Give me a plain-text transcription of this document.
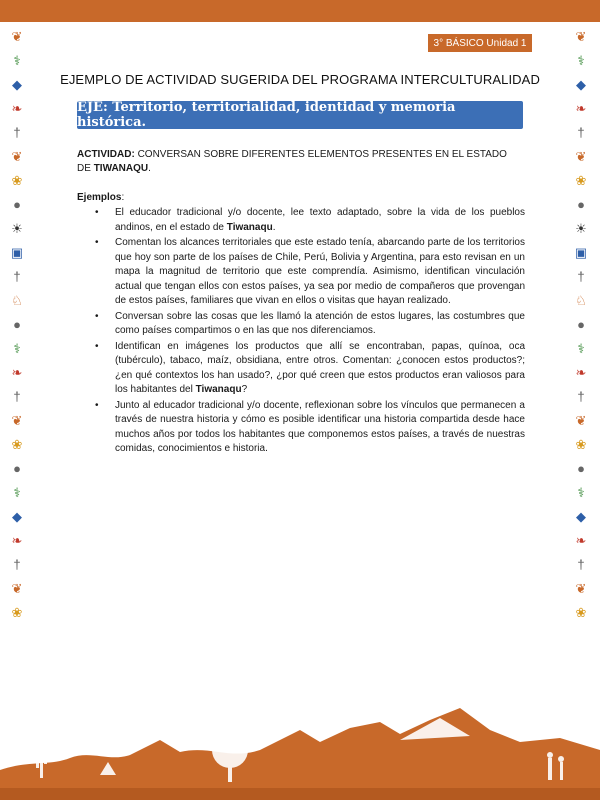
3° BÁSICO Unidad 1
❦
⚕
◆
❧
†
❦
❀
●
☀
▣
†
♘
●
⚕
❧
†
❦
❀
●
⚕
◆
❧
†
❦
❀
❦
⚕
◆
❧
†
❦
❀
●
☀
▣
†
♘
●
⚕
❧
†
❦
❀
●
⚕
◆
❧
†
❦
❀
EJEMPLO DE ACTIVIDAD SUGERIDA DEL PROGRAMA INTERCULTURALIDAD
EJE: Territorio, territorialidad, identidad y memoria histórica.
ACTIVIDAD: CONVERSAN SOBRE DIFERENTES ELEMENTOS PRESENTES EN EL ESTADO DE TIWANAQU.
Ejemplos:
• El educador tradicional y/o docente, lee texto adaptado, sobre la vida de los pueblos andinos, en el estado de Tiwanaqu.
• Comentan los alcances territoriales que este estado tenía, abarcando parte de los territorios que hoy son parte de los países de Chile, Perú, Bolivia y Argentina, para esto revisan en un mapa la magnitud de territorio que este comprendía. Asimismo, identifican vinculación actual que tengan ellos con estos países, ya sea por medio de compañeros que provengan de estos países, familiares que vivan en ellos o visitas que hayan realizado.
• Conversan sobre las cosas que les llamó la atención de estos lugares, las costumbres que como países compartimos o en las que nos diferenciamos.
• Identifican en imágenes los productos que allí se encontraban, papas, quínoa, oca (tubérculo), tabaco, maíz, obsidiana, entre otros. Comentan: ¿conocen estos productos?; ¿en qué contextos los han usado?, ¿por qué creen que estos productos eran valiosos para los habitantes del Tiwanaqu?
• Junto al educador tradicional y/o docente, reflexionan sobre los vínculos que permanecen a través de nuestra historia y cómo es posible identificar una historia compartida desde hace muchos años por todos los habitantes que componemos estos países, a través de nuestras comidas, conocimientos e historia.
